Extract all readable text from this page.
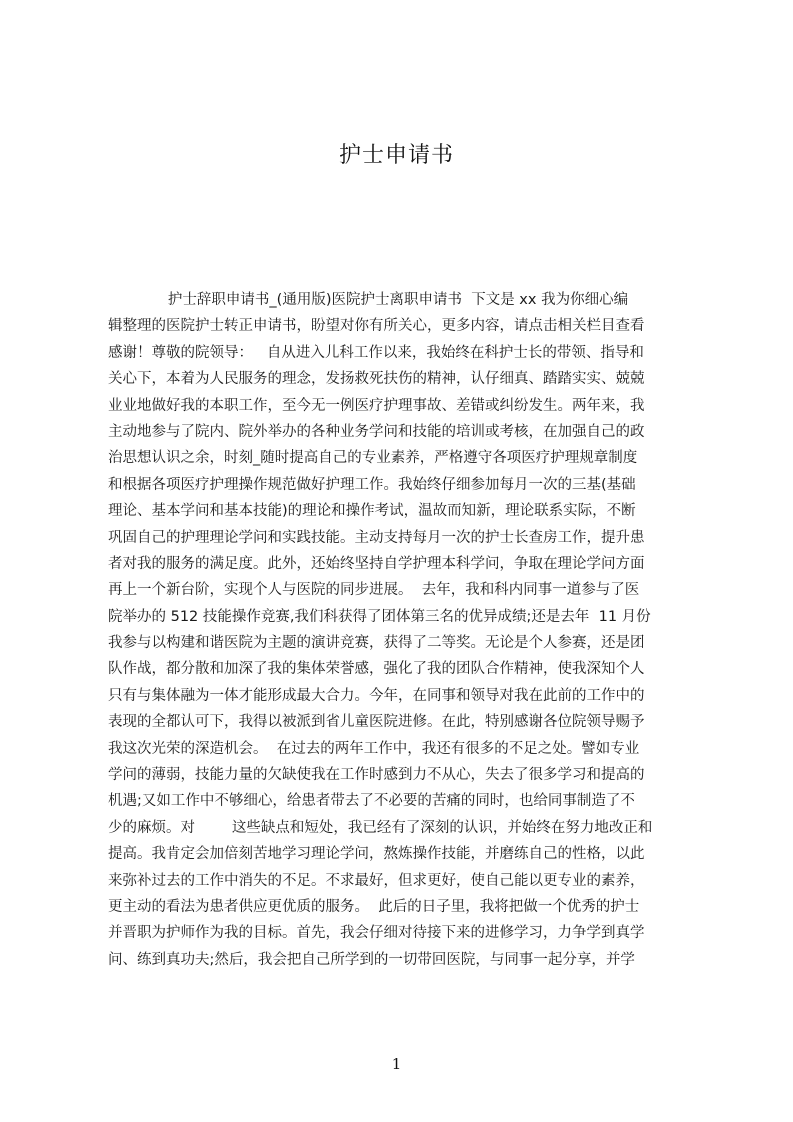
护士申请书
护士辞职申请书_(通用版)医院护士离职申请书  下文是 xx 我为你细心编
辑整理的医院护士转正申请书，盼望对你有所关心，更多内容，请点击相关栏目查看
感谢！尊敬的院领导：   自从进入儿科工作以来，我始终在科护士长的带领、指导和
关心下，本着为人民服务的理念，发扬救死扶伤的精神，认仔细真、踏踏实实、兢兢
业业地做好我的本职工作，至今无一例医疗护理事故、差错或纠纷发生。两年来，我
主动地参与了院内、院外举办的各种业务学问和技能的培训或考核，在加强自己的政
治思想认识之余，时刻_随时提高自己的专业素养，严格遵守各项医疗护理规章制度
和根据各项医疗护理操作规范做好护理工作。我始终仔细参加每月一次的三基(基础
理论、基本学问和基本技能)的理论和操作考试，温故而知新，理论联系实际，不断
巩固自己的护理理论学问和实践技能。主动支持每月一次的护士长查房工作，提升患
者对我的服务的满足度。此外，还始终坚持自学护理本科学问，争取在理论学问方面
再上一个新台阶，实现个人与医院的同步进展。  去年，我和科内同事一道参与了医
院举办的 512 技能操作竞赛,我们科获得了团体第三名的优异成绩;还是去年  11 月份
我参与以构建和谐医院为主题的演讲竞赛，获得了二等奖。无论是个人参赛，还是团
队作战，都分散和加深了我的集体荣誉感，强化了我的团队合作精神，使我深知个人
只有与集体融为一体才能形成最大合力。今年，在同事和领导对我在此前的工作中的
表现的全都认可下，我得以被派到省儿童医院进修。在此，特别感谢各位院领导赐予
我这次光荣的深造机会。  在过去的两年工作中，我还有很多的不足之处。譬如专业
学问的薄弱，技能力量的欠缺使我在工作时感到力不从心，失去了很多学习和提高的
机遇;又如工作中不够细心，给患者带去了不必要的苦痛的同时，也给同事制造了不
少的麻烦。对        这些缺点和短处，我已经有了深刻的认识，并始终在努力地改正和
提高。我肯定会加倍刻苦地学习理论学问，熬炼操作技能，并磨练自己的性格，以此
来弥补过去的工作中消失的不足。不求最好，但求更好，使自己能以更专业的素养，
更主动的看法为患者供应更优质的服务。  此后的日子里，我将把做一个优秀的护士
并晋职为护师作为我的目标。首先，我会仔细对待接下来的进修学习，力争学到真学
问、练到真功夫;然后，我会把自己所学到的一切带回医院，与同事一起分享，并学
1
